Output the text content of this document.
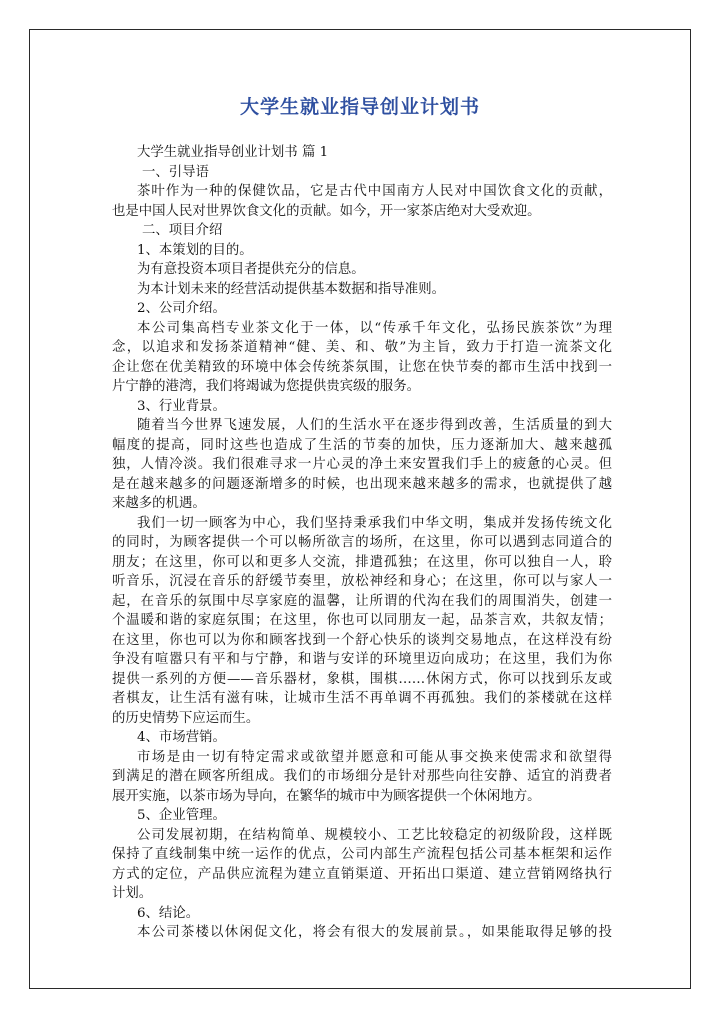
大学生就业指导创业计划书
大学生就业指导创业计划书 篇 1
一、引导语
茶叶作为一种的保健饮品，它是古代中国南方人民对中国饮食文化的贡献，
也是中国人民对世界饮食文化的贡献。如今，开一家茶店绝对大受欢迎。
二、项目介绍
1、本策划的目的。
为有意投资本项目者提供充分的信息。
为本计划未来的经营活动提供基本数据和指导准则。
2、公司介绍。
本公司集高档专业茶文化于一体，以“传承千年文化，弘扬民族茶饮”为理
念，以追求和发扬茶道精神“健、美、和、敬”为主旨，致力于打造一流茶文化
企让您在优美精致的环境中体会传统茶氛围，让您在快节奏的都市生活中找到一
片宁静的港湾，我们将竭诚为您提供贵宾级的服务。
3、行业背景。
随着当今世界飞速发展，人们的生活水平在逐步得到改善，生活质量的到大
幅度的提高，同时这些也造成了生活的节奏的加快，压力逐渐加大、越来越孤
独，人情冷淡。我们很难寻求一片心灵的净土来安置我们手上的疲惫的心灵。但
是在越来越多的问题逐渐增多的时候，也出现来越来越多的需求，也就提供了越
来越多的机遇。
我们一切一顾客为中心，我们坚持秉承我们中华文明，集成并发扬传统文化
的同时，为顾客提供一个可以畅所欲言的场所，在这里，你可以遇到志同道合的
朋友；在这里，你可以和更多人交流，排遣孤独；在这里，你可以独自一人，聆
听音乐，沉浸在音乐的舒缓节奏里，放松神经和身心；在这里，你可以与家人一
起，在音乐的氛围中尽享家庭的温馨，让所谓的代沟在我们的周围消失，创建一
个温暖和谐的家庭氛围；在这里，你也可以同朋友一起，品茶言欢，共叙友情；
在这里，你也可以为你和顾客找到一个舒心快乐的谈判交易地点，在这样没有纷
争没有喧嚣只有平和与宁静，和谐与安详的环境里迈向成功；在这里，我们为你
提供一系列的方便——音乐器材，象棋，围棋……休闲方式，你可以找到乐友或
者棋友，让生活有滋有味，让城市生活不再单调不再孤独。我们的茶楼就在这样
的历史情势下应运而生。
4、市场营销。
市场是由一切有特定需求或欲望并愿意和可能从事交换来使需求和欲望得
到满足的潜在顾客所组成。我们的市场细分是针对那些向往安静、适宜的消费者
展开实施，以茶市场为导向，在繁华的城市中为顾客提供一个休闲地方。
5、企业管理。
公司发展初期，在结构简单、规模较小、工艺比较稳定的初级阶段，这样既
保持了直线制集中统一运作的优点，公司内部生产流程包括公司基本框架和运作
方式的定位，产品供应流程为建立直销渠道、开拓出口渠道、建立营销网络执行
计划。
6、结论。
本公司茶楼以休闲促文化，将会有很大的发展前景。，如果能取得足够的投
